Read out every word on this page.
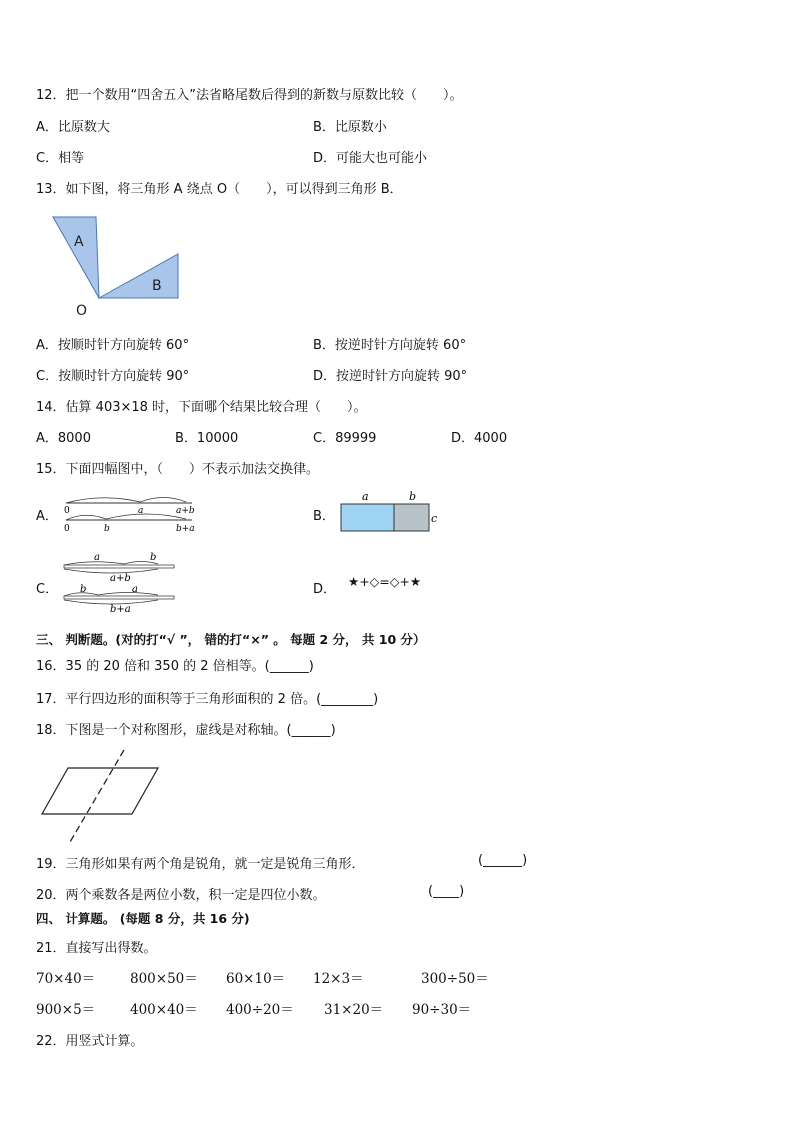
12．把一个数用“四舍五入”法省略尾数后得到的新数与原数比较（　　）。
A．比原数大	B．比原数小
C．相等	D．可能大也可能小
13．如下图，将三角形 A 绕点 O（　　），可以得到三角形 B．
A
B
O
A．按顺时针方向旋转 60°	B．按逆时针方向旋转 60°
C．按顺时针方向旋转 90°	D．按逆时针方向旋转 90°
14．估算 403×18 时，下面哪个结果比较合理（　　）。
A．8000	B．10000	C．89999	D．4000
15．下面四幅图中，（　　）不表示加法交换律。
A． 0	a	a+b
0	b	b+a
B．
a	b
c
C．
a	b
a+b
b	a
b+a
D．
★+◇=◇+★
三、 判断题。(对的打“√ ”， 错的打“×” 。 每题 2 分， 共 10 分）
16．35 的 20 倍和 350 的 2 倍相等。(______)
17．平行四边形的面积等于三角形面积的 2 倍。(________)
18．下图是一个对称图形，虚线是对称轴。(______)
19．三角形如果有两个角是锐角，就一定是锐角三角形．	(______)
20．两个乘数各是两位小数，积一定是四位小数。	(____)
四、 计算题。 (每题 8 分，共 16 分)
21．直接写出得数。
70×40＝	800×50＝ 60×10＝ 12×3＝	300÷50＝
900×5＝	400×40＝ 400÷20＝ 31×20＝ 90÷30＝
22．用竖式计算。
